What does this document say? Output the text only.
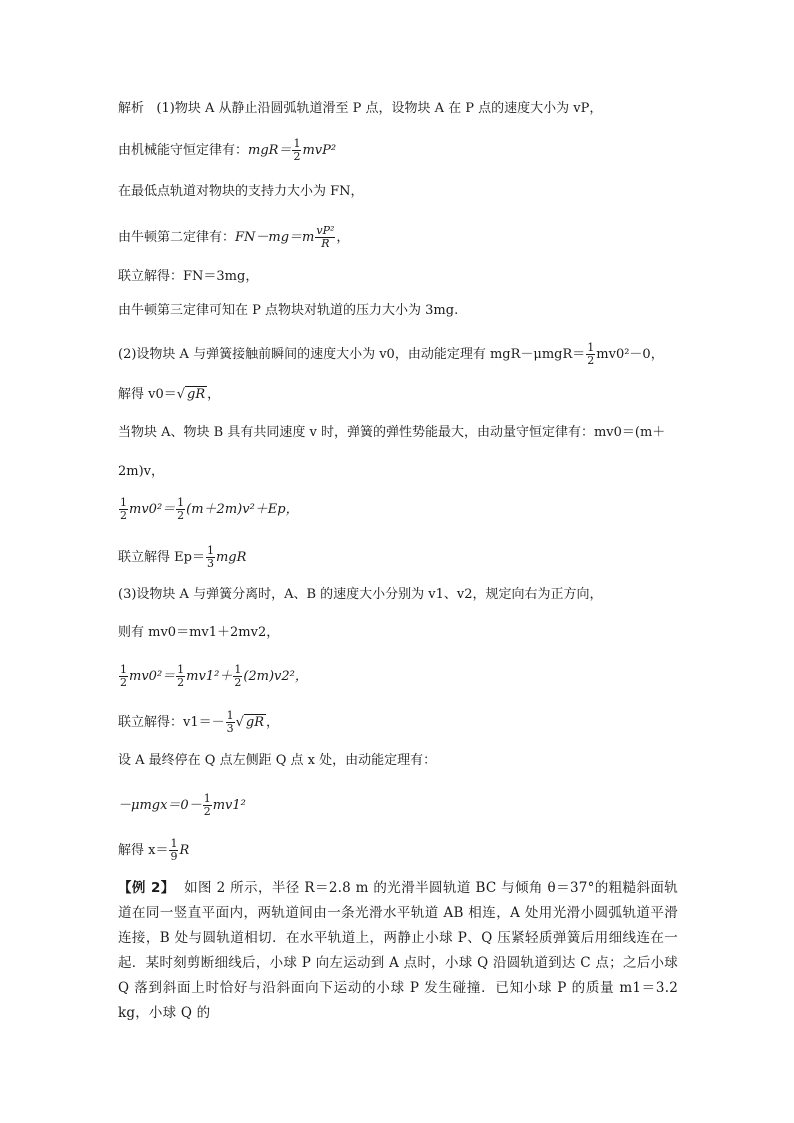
解析 (1)物块 A 从静止沿圆弧轨道滑至 P 点，设物块 A 在 P 点的速度大小为 vP，
由机械能守恒定律有：$mgR= \frac{1}{2} mvP^2$
在最低点轨道对物块的支持力大小为 FN，
由牛顿第二定律有：$FN-mg=m \frac{\text{vP²}}{R}$ ，
联立解得：FN＝3mg，
由牛顿第三定律可知在 P 点物块对轨道的压力大小为 3mg.
(2)设物块 A 与弹簧接触前瞬间的速度大小为 v0，由动能定理有 $mgR-\mu mgR= \frac{1}{2} mv0^2-0$，
解得 v0＝√ gR ，
当物块 A、物块 B 具有共同速度 v 时，弹簧的弹性势能最大，由动量守恒定律有：mv0＝(m＋
2m)v，
$\frac{1}{2} mv0^2= \frac{1}{2} (m+2m)v^2+Ep$，
联立解得 $Ep= \frac{1}{3}$ mgR
(3)设物块 A 与弹簧分离时，A、B 的速度大小分别为 v1、v2，规定向右为正方向，
则有 mv0＝mv1＋2mv2，
$\frac{1}{2} mv0^2= \frac{1}{2} mv1^2+ \frac{1}{2} (2m)v2^2$，
联立解得：$v1=- \frac{1}{3}$ √ gR ，
设 A 最终停在 Q 点左侧距 Q 点 x 处，由动能定理有：
$-\mu mgx=0- \frac{1}{2} mv1^2$
解得 $x= \frac{1}{9}$ R
【例 2】 如图 2 所示，半径 R＝2.8 m 的光滑半圆轨道 BC 与倾角 θ＝37°的粗糙斜面轨道在同一竖直平面内，两轨道间由一条光滑水平轨道 AB 相连，A 处用光滑小圆弧轨道平滑连接，B 处与圆轨道相切．在水平轨道上，两静止小球 P、Q 压紧轻质弹簧后用细线连在一起．某时刻剪断细线后，小球 P 向左运动到 A 点时，小球 Q 沿圆轨道到达 C 点；之后小球 Q 落到斜面上时恰好与沿斜面向下运动的小球 P 发生碰撞．已知小球 P 的质量 m1＝3.2 kg，小球 Q 的
